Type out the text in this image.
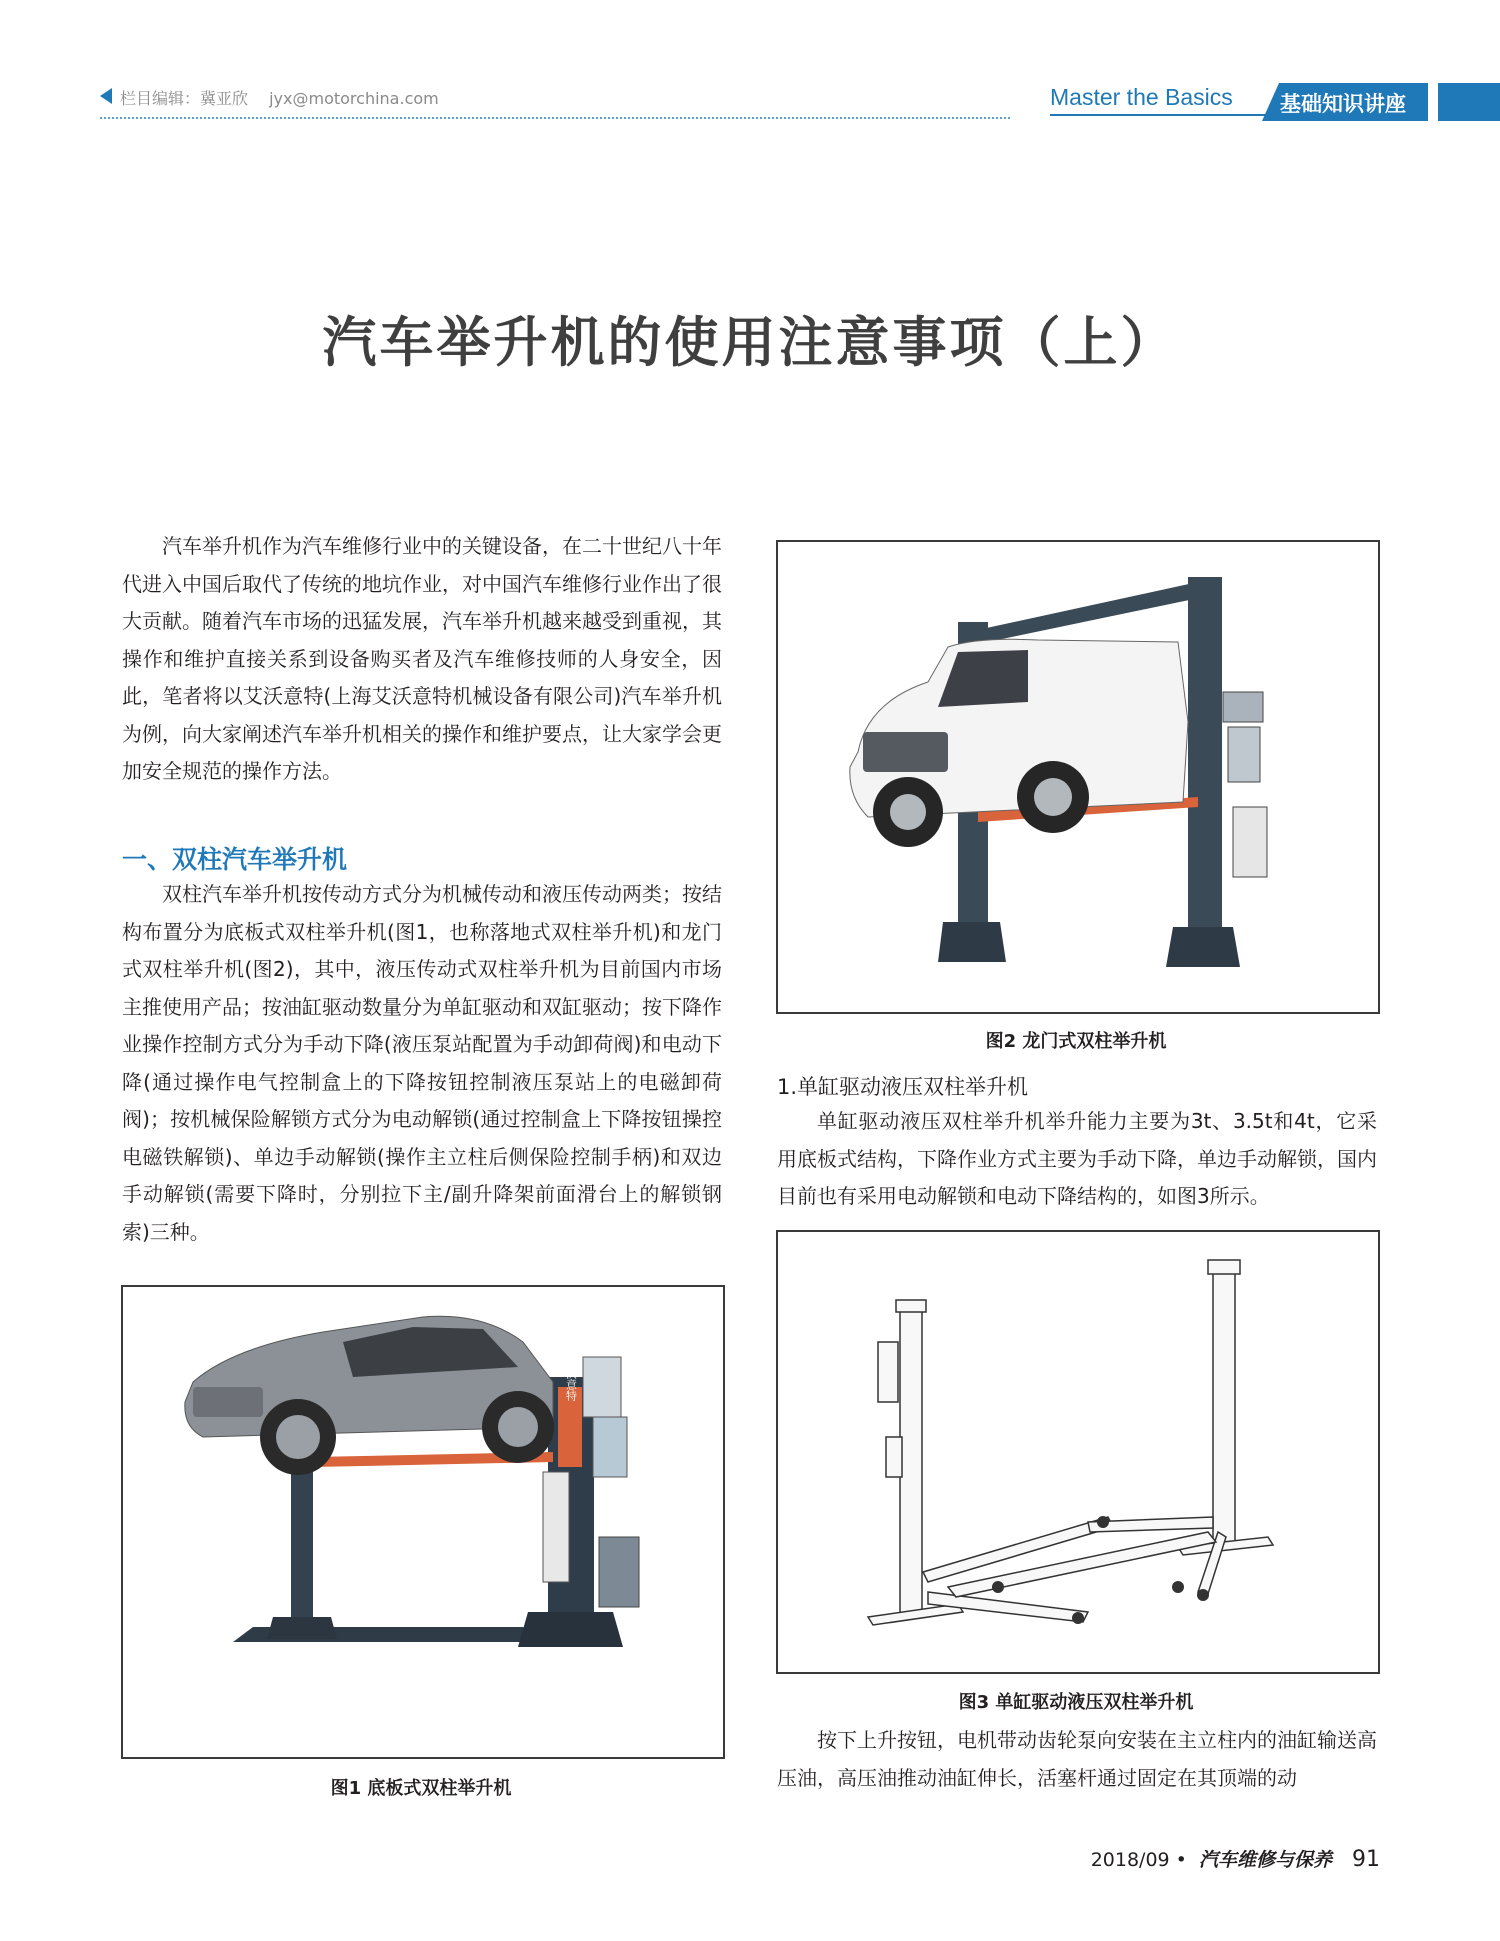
栏目编辑：冀亚欣 jyx@motorchina.com	Master the Basics 基础知识讲座
汽车举升机的使用注意事项（上）

汽车举升机作为汽车维修行业中的关键设备，在二十世纪八十年代进入中国后取代了传统的地坑作业，对中国汽车维修行业作出了很大贡献。随着汽车市场的迅猛发展，汽车举升机越来越受到重视，其操作和维护直接关系到设备购买者及汽车维修技师的人身安全，因此，笔者将以艾沃意特(上海艾沃意特机械设备有限公司)汽车举升机为例，向大家阐述汽车举升机相关的操作和维护要点，让大家学会更加安全规范的操作方法。

一、双柱汽车举升机

双柱汽车举升机按传动方式分为机械传动和液压传动两类；按结构布置分为底板式双柱举升机(图1，也称落地式双柱举升机)和龙门式双柱举升机(图2)，其中，液压传动式双柱举升机为目前国内市场主推使用产品；按油缸驱动数量分为单缸驱动和双缸驱动；按下降作业操作控制方式分为手动下降(液压泵站配置为手动卸荷阀)和电动下降(通过操作电气控制盒上的下降按钮控制液压泵站上的电磁卸荷阀)；按机械保险解锁方式分为电动解锁(通过控制盒上下降按钮操控电磁铁解锁)、单边手动解锁(操作主立柱后侧保险控制手柄)和双边手动解锁(需要下降时，分别拉下主/副升降架前面滑台上的解锁钢索)三种。

艾沃意特
图1 底板式双柱举升机
图2 龙门式双柱举升机
1.单缸驱动液压双柱举升机

单缸驱动液压双柱举升机举升能力主要为3t、3.5t和4t，它采用底板式结构，下降作业方式主要为手动下降，单边手动解锁，国内目前也有采用电动解锁和电动下降结构的，如图3所示。

图3 单缸驱动液压双柱举升机

按下上升按钮，电机带动齿轮泵向安装在主立柱内的油缸输送高压油，高压油推动油缸伸长，活塞杆通过固定在其顶端的动

2018/09 • 汽车维修与保养 91
